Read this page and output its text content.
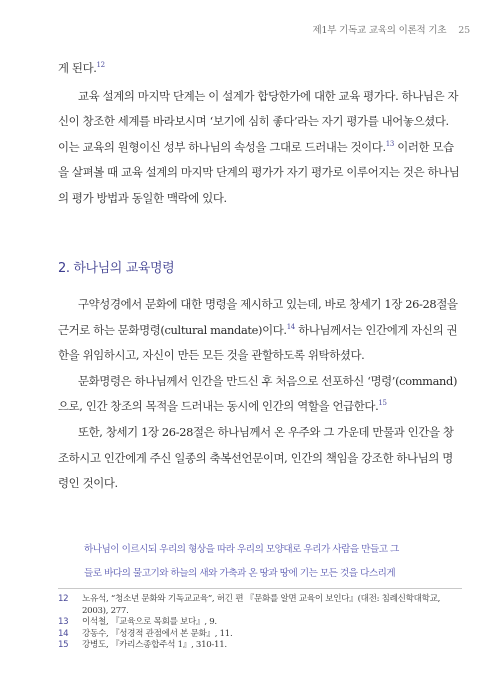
제1부 기독교 교육의 이론적 기초 25

게 된다.$^{12}$

교육 설계의 마지막 단계는 이 설계가 합당한가에 대한 교육 평가다. 하나님은 자신이 창조한 세계를 바라보시며 ‘보기에 심히 좋다’라는 자기 평가를 내어놓으셨다. 이는 교육의 원형이신 성부 하나님의 속성을 그대로 드러내는 것이다.$^{13}$ 이러한 모습을 살펴볼 때 교육 설계의 마지막 단계의 평가가 자기 평가로 이루어지는 것은 하나님의 평가 방법과 동일한 맥락에 있다.

2. 하나님의 교육명령

구약성경에서 문화에 대한 명령을 제시하고 있는데, 바로 창세기 1장 26-28절을 근거로 하는 문화명령(cultural mandate)이다.$^{14}$ 하나님께서는 인간에게 자신의 권한을 위임하시고, 자신이 만든 모든 것을 관할하도록 위탁하셨다.

문화명령은 하나님께서 인간을 만드신 후 처음으로 선포하신 ‘명령’(command)으로, 인간 창조의 목적을 드러내는 동시에 인간의 역할을 언급한다.$^{15}$

또한, 창세기 1장 26-28절은 하나님께서 온 우주와 그 가운데 만물과 인간을 창조하시고 인간에게 주신 일종의 축복선언문이며, 인간의 책임을 강조한 하나님의 명령인 것이다.

하나님이 이르시되 우리의 형상을 따라 우리의 모양대로 우리가 사람을 만들고 그

들로 바다의 물고기와 하늘의 새와 가축과 온 땅과 땅에 기는 모든 것을 다스리게

12	노유석, “청소년 문화와 기독교교육”, 허긴 편 『문화를 알면 교육이 보인다』(대전: 침례신학대학교, 2003), 277.
13	이석철, 『교육으로 목회를 보다』, 9.
14	강동수, 『성경적 관점에서 본 문화』, 11.
15	강병도, 『카리스종합주석 1』, 310-11.
